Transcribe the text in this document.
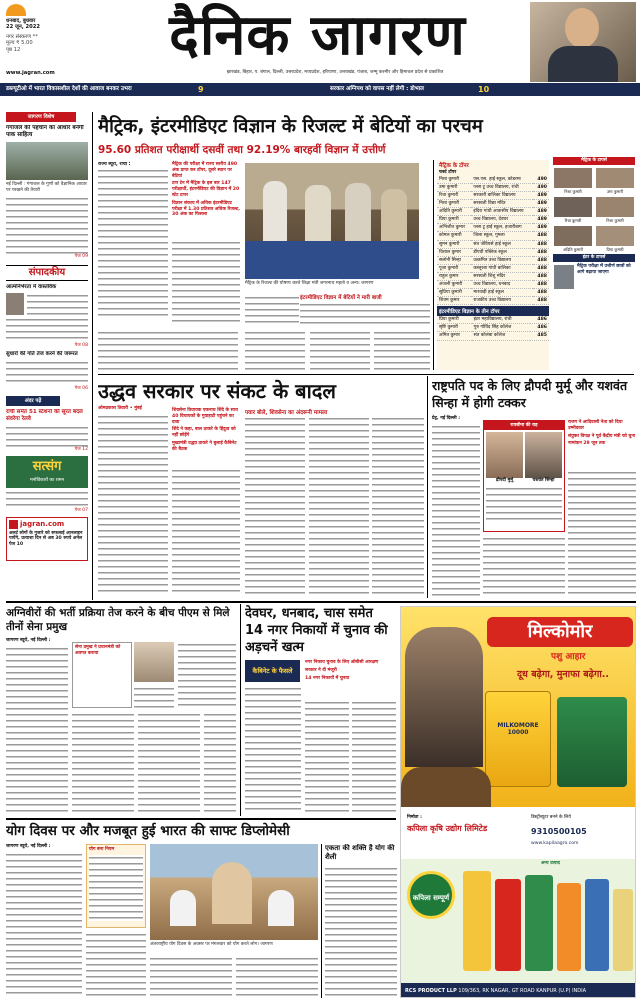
धनबाद, बुधवार
22 जून, 2022
नगर संस्करण **
मूल्य ₹ 5.00
पृष्ठ 12	दैनिक जागरण
www.jagran.com	झारखंड, बिहार, प. बंगाल, दिल्ली, उत्तरप्रदेश, मध्यप्रदेश, हरियाणा, उत्तराखंड, पंजाब, जम्मू कश्मीर और हिमाचल प्रदेश से प्रकाशित
डब्ल्यूटीओ में भारत विकासशील देशों की आवाज बनकर उभरा	9	सरकार अग्निपथ को वापस नहीं लेगी : डोभाल	10
जागरण विशेष
गंगाजल की पहचान का आधार बनेगी पाक साहित्य
नई दिल्ली : गंगाजल के गुणों को वैज्ञानिक आधार पर परखने की तैयारी
पेज 09
संपादकीय
आत्मनिर्भरता में वास्तविक
पेज 08
सुधारों की गति तेज करने की जरूरत
पेज 06
अंदर पढ़ें
रांची समेत 51 स्टेशनों की सूरत बदल संवरेगा रेलवे
पेज 12
सत्संग
मनोविकारों का शमन
पेज 07
jagran.com
अलर्ट लोगों के गुजारे को सफलाई आनलाइन पायेंगे, प्रत्याशा दिन से अब 30 रुपये अनेल पेज 10
मैट्रिक, इंटरमीडिएट विज्ञान के रिजल्ट में बेटियों का परचम
95.60 प्रतिशत परीक्षार्थी दसवीं तथा 92.19% बारहवीं विज्ञान में उत्तीर्ण
राज्य ब्यूरो, रांची :	मैट्रिक की परीक्षा में राज्य स्तरीय 490 अंक प्राप्त कर टॉपर, दूसरे स्थान पर बेटियां
टाप टेन में मैट्रिक के इस बार 147 परीक्षार्थी, इंटरमीडिएट की विज्ञान में 20 स्टेट टापर
विज्ञान संकाय में अधिक इंटरमीडिएट परीक्षा में 1.30 प्रतिशत अधिक रिजल्ट, 30 अंक का फिसला
मैट्रिक के रिजल्ट की घोषणा करते शिक्षा मंत्री जगरनाथ महतो व अन्य। जागरण
इंटरमीडिएट विज्ञान में बेटियों ने मारी बाजी
मैट्रिक के टॉपर
फर्स्ट टॉपर
निशा कुमारी	एस.एस. हाई स्कूल, कोडरमा	490
उमा कुमारी	प्लस टू उच्च विद्यालय, रांची	490
रिचा कुमारी	सरकारी बालिका विद्यालय	489
निशा कुमारी	सरस्वती विद्या मंदिर	489
अदिति कुमारी	इंदिरा गांधी आवासीय विद्यालय	489
प्रिया कुमारी	उच्च विद्यालय, देवघर	489
अभिजीत कुमार	प्लस टू हाई स्कूल, हजारीबाग	489
कोमल कुमारी	जिला स्कूल, गुमला	488
सुमन कुमारी	संत जेवियर्स हाई स्कूल	488
विशाल कुमार	डीएवी पब्लिक स्कूल	488
सलोनी सिन्हा	उत्क्रमित उच्च विद्यालय	488
पूजा कुमारी	कस्तूरबा गांधी बालिका	488
राहुल कुमार	सरस्वती शिशु मंदिर	488
अंजली कुमारी	उच्च विद्यालय, धनबाद	488
सुप्रिया कुमारी	मारवाड़ी हाई स्कूल	488
शिवम कुमार	राजकीय उच्च विद्यालय	488
इंटरमीडिएट विज्ञान के तीन टॉपर
प्रिया कुमारी	इंटर महाविद्यालय, रांची	486
सृष्टि कुमारी	गुरु गोविंद सिंह कॉलेज	486
अमित कुमार	संत कोलंबा कॉलेज	485
मैट्रिक के टापर्स
निशा कुमारी	उमा कुमारी
रिचा कुमारी	निशा कुमारी
अदिति कुमारी	प्रिया कुमारी
इंटर के टापर्स
मैट्रिक परीक्षा में उत्तीर्ण छात्रों को आगे बढ़ाया जाएगा
उद्धव सरकार पर संकट के बादल
ओमप्रकाश तिवारी • मुंबई	शिवसेना विधायक एकनाथ शिंदे के साथ 40 विधायकों के गुवाहाटी पहुंचने का दावा
शिंदे ने कहा, बाल ठाकरे के हिंदुत्व को नहीं छोड़ेंगे
मुख्यमंत्री उद्धव ठाकरे ने बुलाई कैबिनेट की बैठक
पवार बोले, शिवसेना का अंदरूनी मामला
राष्ट्रपति पद के लिए द्रौपदी मुर्मू और यशवंत सिन्हा में होगी टक्कर
प्रेट्र, नई दिल्ली :
रायसीना की राह
द्रौपदी मुर्मू	यशवंत सिन्हा
राजग ने आदिवासी नेता को दिया उम्मीदवार
संयुक्त विपक्ष ने पूर्व केंद्रीय मंत्री को चुना
नामांकन 29 जून तक
अग्निवीरों की भर्ती प्रक्रिया तेज करने के बीच पीएम से मिले तीनों सेना प्रमुख
जागरण ब्यूरो, नई दिल्ली :
सेना प्रमुख ने प्रधानमंत्री को अवगत कराया
देवघर, धनबाद, चास समेत 14 नगर निकायों में चुनाव की अड़चनें खत्म
कैबिनेट के फैसले
नगर निकाय चुनाव के लिए ओबीसी आरक्षण
सरकार ने दी मंजूरी
14 नगर निकायों में चुनाव
मिल्कोमोर
पशु आहार
दूध बढ़ेगा, मुनाफा बढ़ेगा..
MILKOMORE 10000
निर्माता :
कपिला कृषि उद्योग लिमिटेड
डिस्ट्रीब्यूटर बनने के लिये
9310500105
www.kapilaagro.com
कपिला सम्पूर्ण
अन्य उत्पाद
RCS PRODUCT LLP 109/363, RK NAGAR, GT ROAD KANPUR (U.P) INDIA
योग दिवस पर और मजबूत हुई भारत की साफ्ट डिप्लोमेसी
जागरण ब्यूरो, नई दिल्ली :
योग बना नियम
अंतरराष्ट्रीय योग दिवस के अवसर पर मंगलवार को योग करते लोग। जागरण
एकता की शक्ति है योग की शैली
